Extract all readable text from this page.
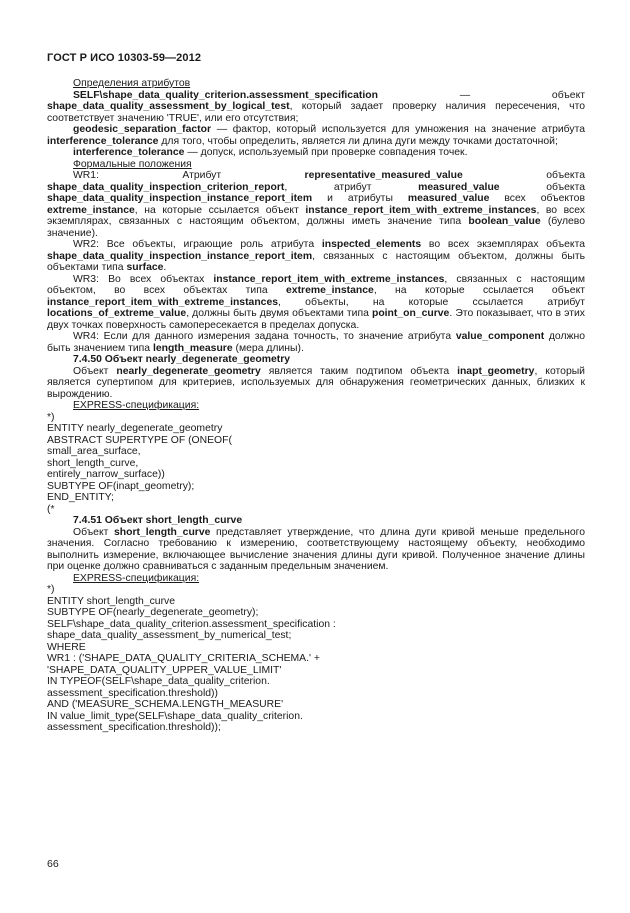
ГОСТ Р ИСО 10303-59—2012

Определения атрибутов

SELF\shape_data_quality_criterion.assessment_specification — объект shape_data_quality_assessment_by_logical_test, который задает проверку наличия пересечения, что соответствует значению 'TRUE', или его отсутствия;

geodesic_separation_factor — фактор, который используется для умножения на значение атрибута interference_tolerance для того, чтобы определить, является ли длина дуги между точками достаточной;

interference_tolerance — допуск, используемый при проверке совпадения точек.

Формальные положения

WR1: Атрибут representative_measured_value объекта shape_data_quality_inspection_criterion_report, атрибут measured_value объекта shape_data_quality_inspection_instance_report_item и атрибуты measured_value всех объектов extreme_instance, на которые ссылается объект instance_report_item_with_extreme_instances, во всех экземплярах, связанных с настоящим объектом, должны иметь значение типа boolean_value (булево значение).

WR2: Все объекты, играющие роль атрибута inspected_elements во всех экземплярах объекта shape_data_quality_inspection_instance_report_item, связанных с настоящим объектом, должны быть объектами типа surface.

WR3: Во всех объектах instance_report_item_with_extreme_instances, связанных с настоящим объектом, во всех объектах типа extreme_instance, на которые ссылается объект instance_report_item_with_extreme_instances, объекты, на которые ссылается атрибут locations_of_extreme_value, должны быть двумя объектами типа point_on_curve. Это показывает, что в этих двух точках поверхность самопересекается в пределах допуска.

WR4: Если для данного измерения задана точность, то значение атрибута value_component должно быть значением типа length_measure (мера длины).

7.4.50 Объект nearly_degenerate_geometry

Объект nearly_degenerate_geometry является таким подтипом объекта inapt_geometry, который является супертипом для критериев, используемых для обнаружения геометрических данных, близких к вырождению.

EXPRESS-спецификация:

*)
ENTITY nearly_degenerate_geometry
ABSTRACT SUPERTYPE OF (ONEOF(
small_area_surface,
short_length_curve,
entirely_narrow_surface))
SUBTYPE OF(inapt_geometry);
END_ENTITY;
(*

7.4.51 Объект short_length_curve

Объект short_length_curve представляет утверждение, что длина дуги кривой меньше предельного значения. Согласно требованию к измерению, соответствующему настоящему объекту, необходимо выполнить измерение, включающее вычисление значения длины дуги кривой. Полученное значение длины при оценке должно сравниваться с заданным предельным значением.

EXPRESS-спецификация:

*)
ENTITY short_length_curve
SUBTYPE OF(nearly_degenerate_geometry);
SELF\shape_data_quality_criterion.assessment_specification :
shape_data_quality_assessment_by_numerical_test;
WHERE
WR1 : ('SHAPE_DATA_QUALITY_CRITERIA_SCHEMA.' +
'SHAPE_DATA_QUALITY_UPPER_VALUE_LIMIT'
IN TYPEOF(SELF\shape_data_quality_criterion.
assessment_specification.threshold))
AND ('MEASURE_SCHEMA.LENGTH_MEASURE'
IN value_limit_type(SELF\shape_data_quality_criterion.
assessment_specification.threshold));

66
